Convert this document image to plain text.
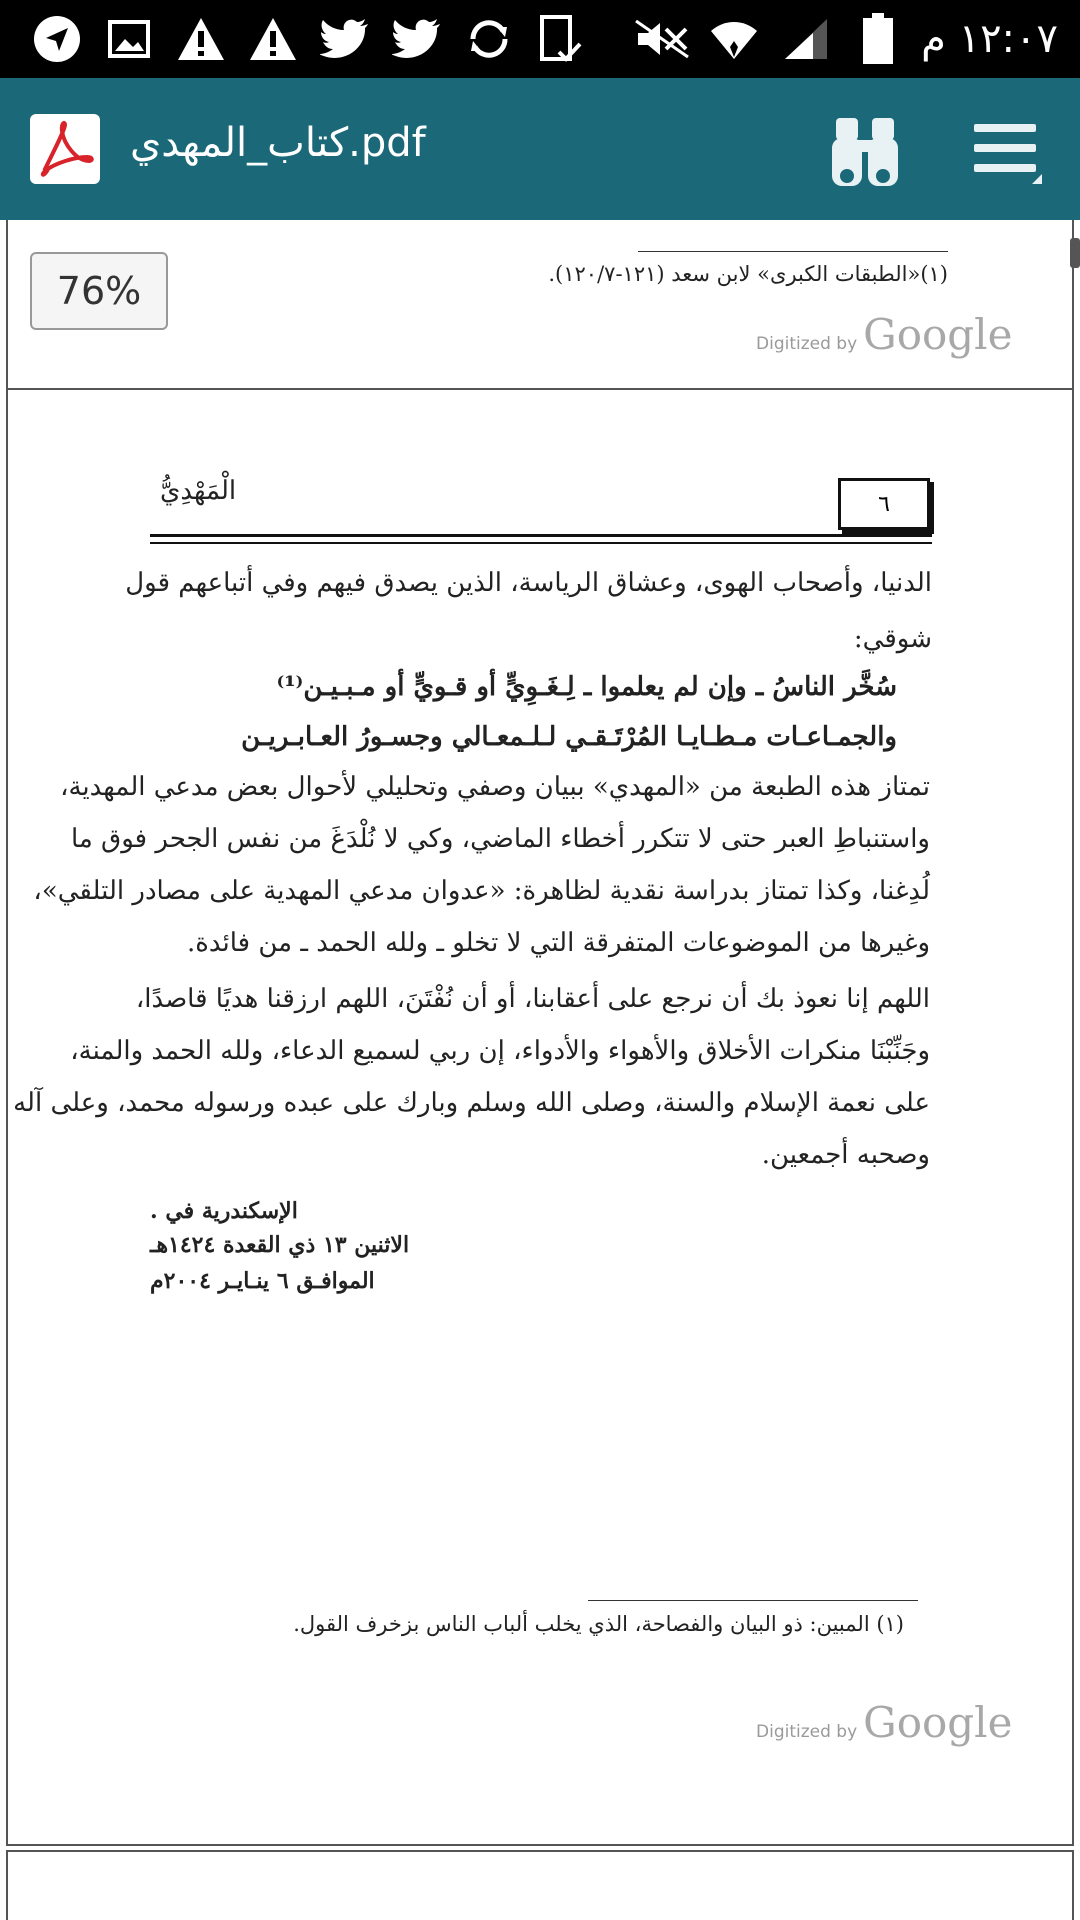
١٢:٠٧ م
كتاب_المهدي.pdf
(١)«الطبقات الكبرى» لابن سعد (١٢١-١٢٠/٧).
Digitized by Google
76%
٦
الْمَهْدِيُّ
الدنيا، وأصحاب الهوى، وعشاق الرياسة، الذين يصدق فيهم وفي أتباعهم قول
شوقي:
سُخَّر الناسُ ـ وإن لم يعلموا ـ لِـغَـوِيٍّ أو قـويٍّ أو مـبـيـن⁽¹⁾
والجمـاعـات مـطـايـا المُرْتَـقـي لـلـمعـالي وجسـورُ العـابـريـن
تمتاز هذه الطبعة من «المهدي» ببيان وصفي وتحليلي لأحوال بعض مدعي المهدية،
واستنباطِ العبر حتى لا تتكرر أخطاء الماضي، وكي لا نُلْدَغَ من نفس الجحر فوق ما
لُدِغنا، وكذا تمتاز بدراسة نقدية لظاهرة: «عدوان مدعي المهدية على مصادر التلقي»،
وغيرها من الموضوعات المتفرقة التي لا تخلو ـ ولله الحمد ـ من فائدة.
اللهم إنا نعوذ بك أن نرجع على أعقابنا، أو أن نُفْتَنَ، اللهم ارزقنا هديًا قاصدًا،
وجَنِّبْنَا منكرات الأخلاق والأهواء والأدواء، إن ربي لسميع الدعاء، ولله الحمد والمنة،
على نعمة الإسلام والسنة، وصلى الله وسلم وبارك على عبده ورسوله محمد، وعلى آله
وصحبه أجمعين.
الإسكندرية في .
الاثنين ١٣ ذي القعدة ١٤٢٤هـ
الموافـق ٦ ينـايـر ٢٠٠٤م
(١) المبين: ذو البيان والفصاحة، الذي يخلب ألباب الناس بزخرف القول.
Digitized by Google
